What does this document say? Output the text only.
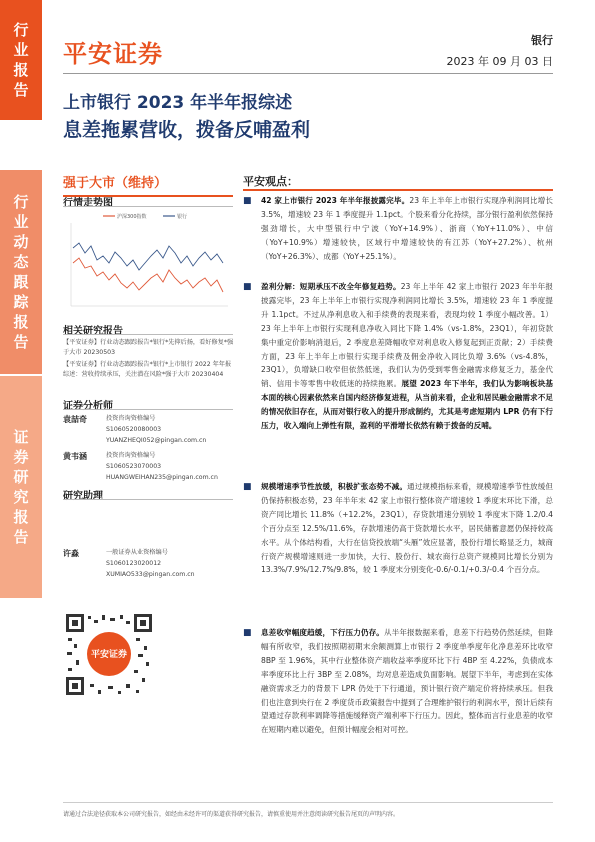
行
业
报
告
行
业
动
态
跟
踪
报
告
证
券
研
究
报
告
平安证券	银行
2023 年 09 月 03 日
上市银行 2023 年半年报综述
息差拖累营收，拨备反哺盈利
强于大市（维持）
行情走势图
沪深300指数	银行
相关研究报告
【平安证券】行业动态跟踪报告*银行*先抑后扬，看好修复*强于大市 20230503
【平安证券】行业动态跟踪报告*银行*上市银行 2022 年年报综述：营收持续承压，关注潜在风险*强于大市 20230404
证券分析师
袁喆奇	投资咨询资格编号
S1060520080003
YUANZHEQI052@pingan.com.cn
黄韦涵	投资咨询资格编号
S1060523070003
HUANGWEIHAN235@pingan.com.cn
研究助理
许淼	一般证券从业资格编号
S1060123020012
XUMIAO533@pingan.com.cn
平安证券
平安观点：
■	42 家上市银行 2023 年半年报披露完毕。23 年上半年上市银行实现净利润同比增长 3.5%，增速较 23 年 1 季度提升 1.1pct。个股来看分化持续，部分银行盈利依然保持强劲增长，大中型银行中宁波（YoY+14.9%）、浙商（YoY+11.0%）、中信（YoY+10.9%）增速较快，区域行中增速较快的有江苏（YoY+27.2%）、杭州（YoY+26.3%）、成都（YoY+25.1%）。
■	盈利分解：短期承压不改全年修复趋势。23 年上半年 42 家上市银行 2023 年半年报披露完毕，23 年上半年上市银行实现净利润同比增长 3.5%，增速较 23 年 1 季度提升 1.1pct。不过从净利息收入和手续费的表现来看，表现均较 1 季度小幅改善。1）23 年上半年上市银行实现利息净收入同比下降 1.4%（vs-1.8%，23Q1），年初贷款集中重定价影响消退后，2 季度息差降幅收窄对利息收入修复起到正贡献；2）手续费方面，23 年上半年上市银行实现手续费及佣金净收入同比负增 3.6%（vs-4.8%，23Q1），负增缺口收窄但依然低迷，我们认为仍受到零售金融需求修复乏力，基金代销、信用卡等零售中收低迷的持续拖累。展望 2023 年下半年，我们认为影响板块基本面的核心因素依然来自国内经济修复进程，从当前来看，企业和居民融金融需求不足的情况依旧存在，从而对银行收入的提升形成制约，尤其是考虑短期内 LPR 仍有下行压力，收入端向上弹性有限，盈利的平滑增长依然有赖于拨备的反哺。
■	规模增速季节性放缓，积极扩张态势不减。通过规模指标来看，规模增速季节性放缓但仍保持积极态势，23 年半年末 42 家上市银行整体资产增速较 1 季度末环比下滑，总资产同比增长 11.8%（+12.2%，23Q1），存贷款增速分别较 1 季度末下降 1.2/0.4 个百分点至 12.5%/11.6%，存款增速仍高于贷款增长水平，居民储蓄意愿仍保持较高水平。从个体结构看，大行在信贷投放端“头雁”效应显著，股份行增长略显乏力，城商行资产规模增速则进一步加快，大行、股份行、城农商行总资产规模同比增长分别为 13.3%/7.9%/12.7%/9.8%，较 1 季度末分别变化-0.6/-0.1/+0.3/-0.4 个百分点。
■	息差收窄幅度趋缓，下行压力仍存。从半年报数据来看，息差下行趋势仍然延续，但降幅有所收窄，我们按照期初期末余额测算上市银行 2 季度单季度年化净息差环比收窄 8BP 至 1.96%，其中行业整体资产端收益率季度环比下行 4BP 至 4.22%，负债成本率季度环比上行 3BP 至 2.08%，均对息差造成负面影响。展望下半年，考虑到在实体融资需求乏力的背景下 LPR 仍处于下行通道，预计银行资产端定价将持续承压。但我们也注意到央行在 2 季度货币政策报告中提到了合理维护银行的利润水平，预计后续有望通过存款利率调降等措施缓释资产端利率下行压力。因此，整体而言行业息差的收窄在短期内难以避免，但预计幅度会相对可控。
请通过合法途径获取本公司研究报告，如经由未经许可的渠道获得研究报告，请慎重使用并注意阅读研究报告尾页的声明内容。
